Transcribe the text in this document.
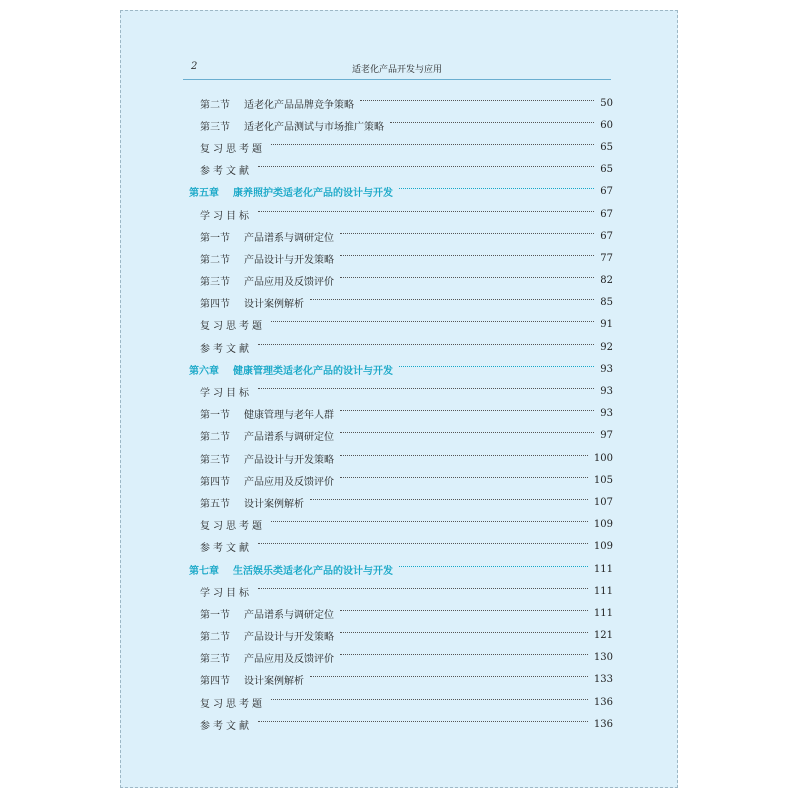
2	适老化产品开发与应用
第二节 适老化产品品牌竞争策略	50
第三节 适老化产品测试与市场推广策略	60
复习思考题	65
参考文献	65
第五章 康养照护类适老化产品的设计与开发	67
学习目标	67
第一节 产品谱系与调研定位	67
第二节 产品设计与开发策略	77
第三节 产品应用及反馈评价	82
第四节 设计案例解析	85
复习思考题	91
参考文献	92
第六章 健康管理类适老化产品的设计与开发	93
学习目标	93
第一节 健康管理与老年人群	93
第二节 产品谱系与调研定位	97
第三节 产品设计与开发策略	100
第四节 产品应用及反馈评价	105
第五节 设计案例解析	107
复习思考题	109
参考文献	109
第七章 生活娱乐类适老化产品的设计与开发	111
学习目标	111
第一节 产品谱系与调研定位	111
第二节 产品设计与开发策略	121
第三节 产品应用及反馈评价	130
第四节 设计案例解析	133
复习思考题	136
参考文献	136
